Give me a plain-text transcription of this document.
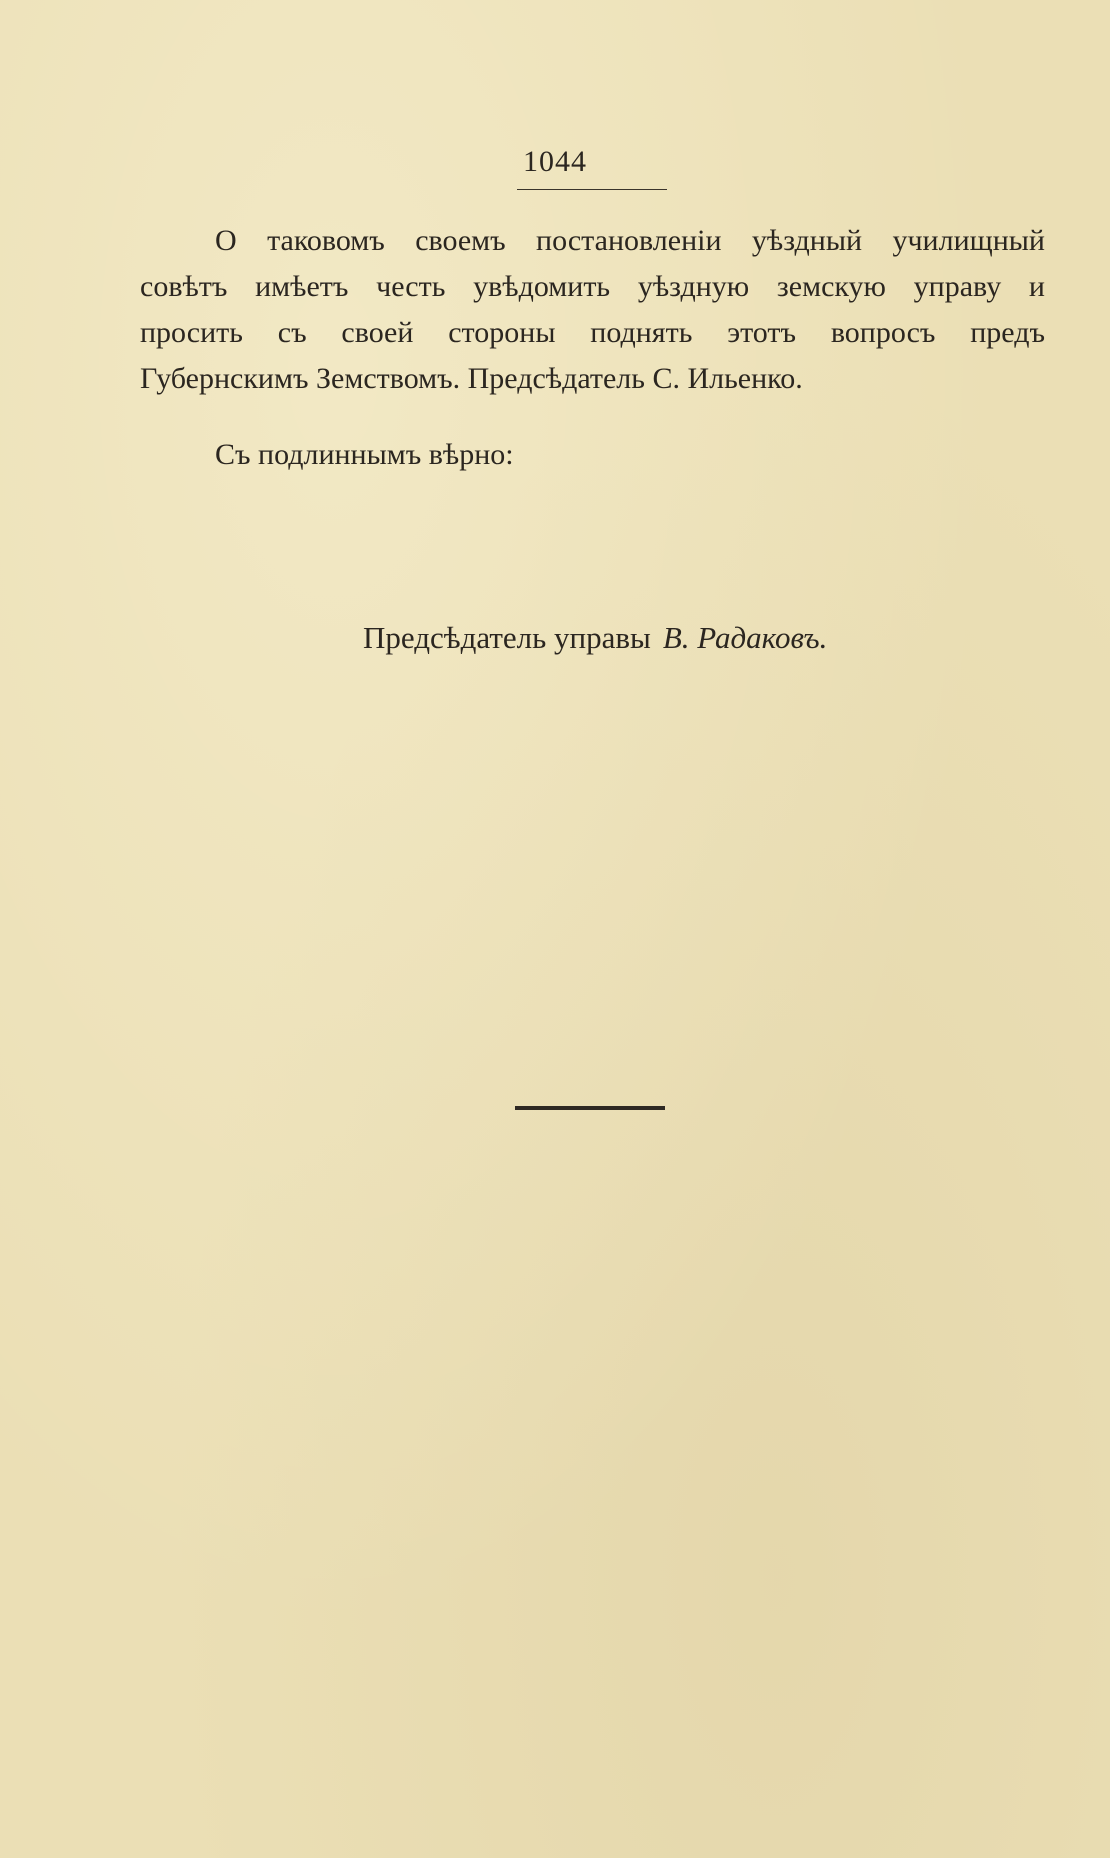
1044
О таковомъ своемъ постановленіи уѣздный училищный
совѣтъ имѣетъ честь увѣдомить уѣздную земскую управу и
просить съ своей стороны поднять этотъ вопросъ предъ
Губернскимъ Земствомъ. Предсѣдатель С. Ильенко.
Съ подлиннымъ вѣрно:
Предсѣдатель управы В. Радаковъ.
